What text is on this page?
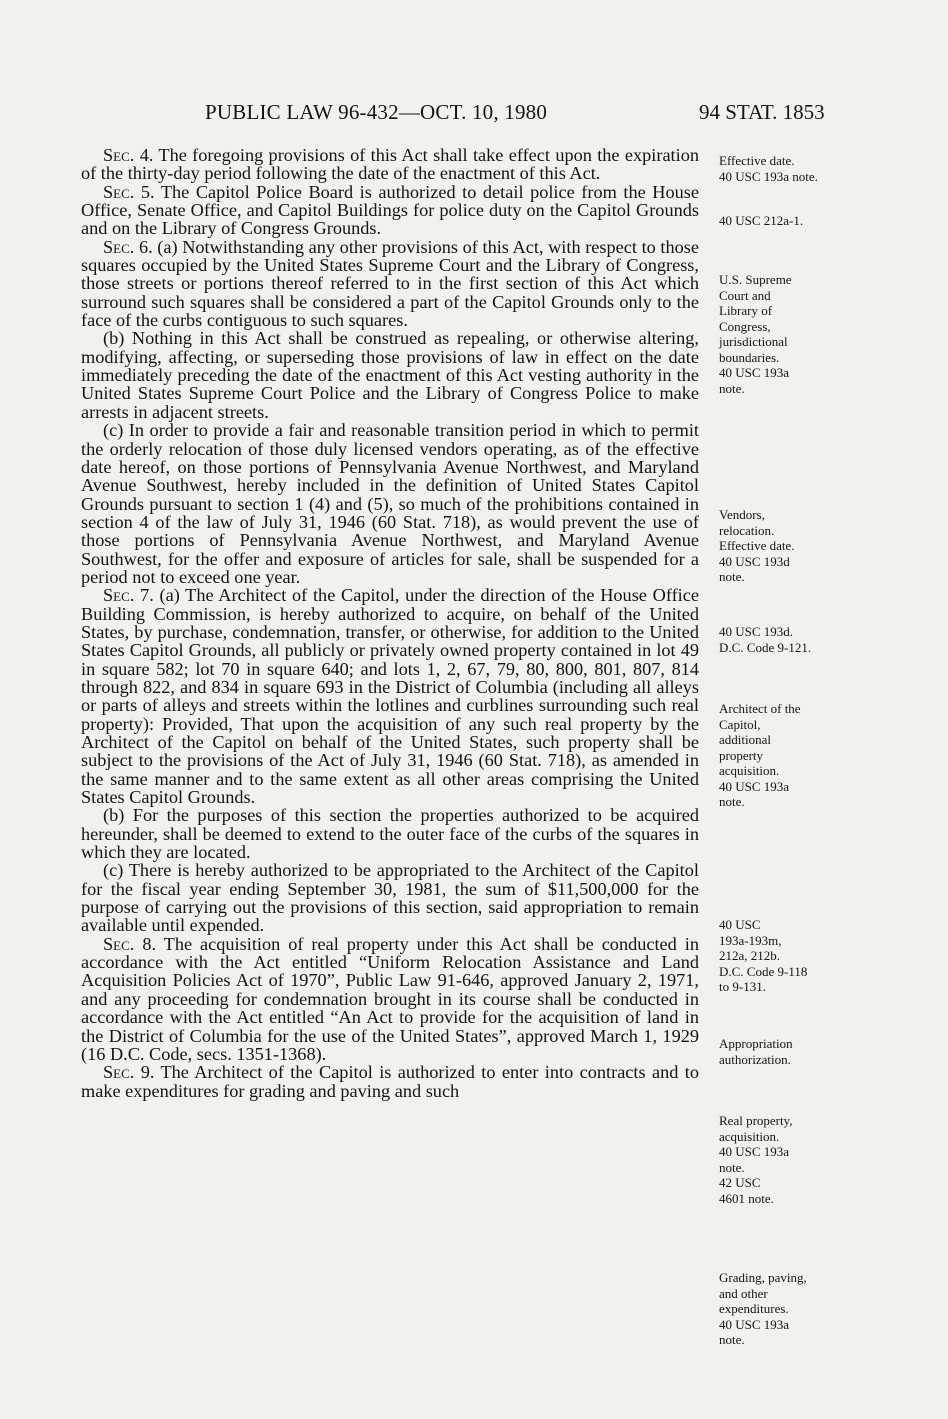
PUBLIC LAW 96-432—OCT. 10, 1980	94 STAT. 1853

Sec. 4. The foregoing provisions of this Act shall take effect upon the expiration of the thirty-day period following the date of the enactment of this Act.

Sec. 5. The Capitol Police Board is authorized to detail police from the House Office, Senate Office, and Capitol Buildings for police duty on the Capitol Grounds and on the Library of Congress Grounds.

Sec. 6. (a) Notwithstanding any other provisions of this Act, with respect to those squares occupied by the United States Supreme Court and the Library of Congress, those streets or portions thereof referred to in the first section of this Act which surround such squares shall be considered a part of the Capitol Grounds only to the face of the curbs contiguous to such squares.

(b) Nothing in this Act shall be construed as repealing, or otherwise altering, modifying, affecting, or superseding those provisions of law in effect on the date immediately preceding the date of the enactment of this Act vesting authority in the United States Supreme Court Police and the Library of Congress Police to make arrests in adjacent streets.

(c) In order to provide a fair and reasonable transition period in which to permit the orderly relocation of those duly licensed vendors operating, as of the effective date hereof, on those portions of Pennsylvania Avenue Northwest, and Maryland Avenue Southwest, hereby included in the definition of United States Capitol Grounds pursuant to section 1 (4) and (5), so much of the prohibitions contained in section 4 of the law of July 31, 1946 (60 Stat. 718), as would prevent the use of those portions of Pennsylvania Avenue Northwest, and Maryland Avenue Southwest, for the offer and exposure of articles for sale, shall be suspended for a period not to exceed one year.

Sec. 7. (a) The Architect of the Capitol, under the direction of the House Office Building Commission, is hereby authorized to acquire, on behalf of the United States, by purchase, condemnation, transfer, or otherwise, for addition to the United States Capitol Grounds, all publicly or privately owned property contained in lot 49 in square 582; lot 70 in square 640; and lots 1, 2, 67, 79, 80, 800, 801, 807, 814 through 822, and 834 in square 693 in the District of Columbia (including all alleys or parts of alleys and streets within the lotlines and curblines surrounding such real property): Provided, That upon the acquisition of any such real property by the Architect of the Capitol on behalf of the United States, such property shall be subject to the provisions of the Act of July 31, 1946 (60 Stat. 718), as amended in the same manner and to the same extent as all other areas comprising the United States Capitol Grounds.

(b) For the purposes of this section the properties authorized to be acquired hereunder, shall be deemed to extend to the outer face of the curbs of the squares in which they are located.

(c) There is hereby authorized to be appropriated to the Architect of the Capitol for the fiscal year ending September 30, 1981, the sum of $11,500,000 for the purpose of carrying out the provisions of this section, said appropriation to remain available until expended.

Sec. 8. The acquisition of real property under this Act shall be conducted in accordance with the Act entitled “Uniform Relocation Assistance and Land Acquisition Policies Act of 1970”, Public Law 91-646, approved January 2, 1971, and any proceeding for condemnation brought in its course shall be conducted in accordance with the Act entitled “An Act to provide for the acquisition of land in the District of Columbia for the use of the United States”, approved March 1, 1929 (16 D.C. Code, secs. 1351-1368).

Sec. 9. The Architect of the Capitol is authorized to enter into contracts and to make expenditures for grading and paving and such

Effective date.
40 USC 193a note.
40 USC 212a-1.
U.S. Supreme
Court and
Library of
Congress,
jurisdictional
boundaries.
40 USC 193a
note.
Vendors,
relocation.
Effective date.
40 USC 193d
note.
40 USC 193d.
D.C. Code 9-121.
Architect of the
Capitol,
additional
property
acquisition.
40 USC 193a
note.
40 USC
193a-193m,
212a, 212b.
D.C. Code 9-118
to 9-131.
Appropriation
authorization.
Real property,
acquisition.
40 USC 193a
note.
42 USC
4601 note.
Grading, paving,
and other
expenditures.
40 USC 193a
note.
